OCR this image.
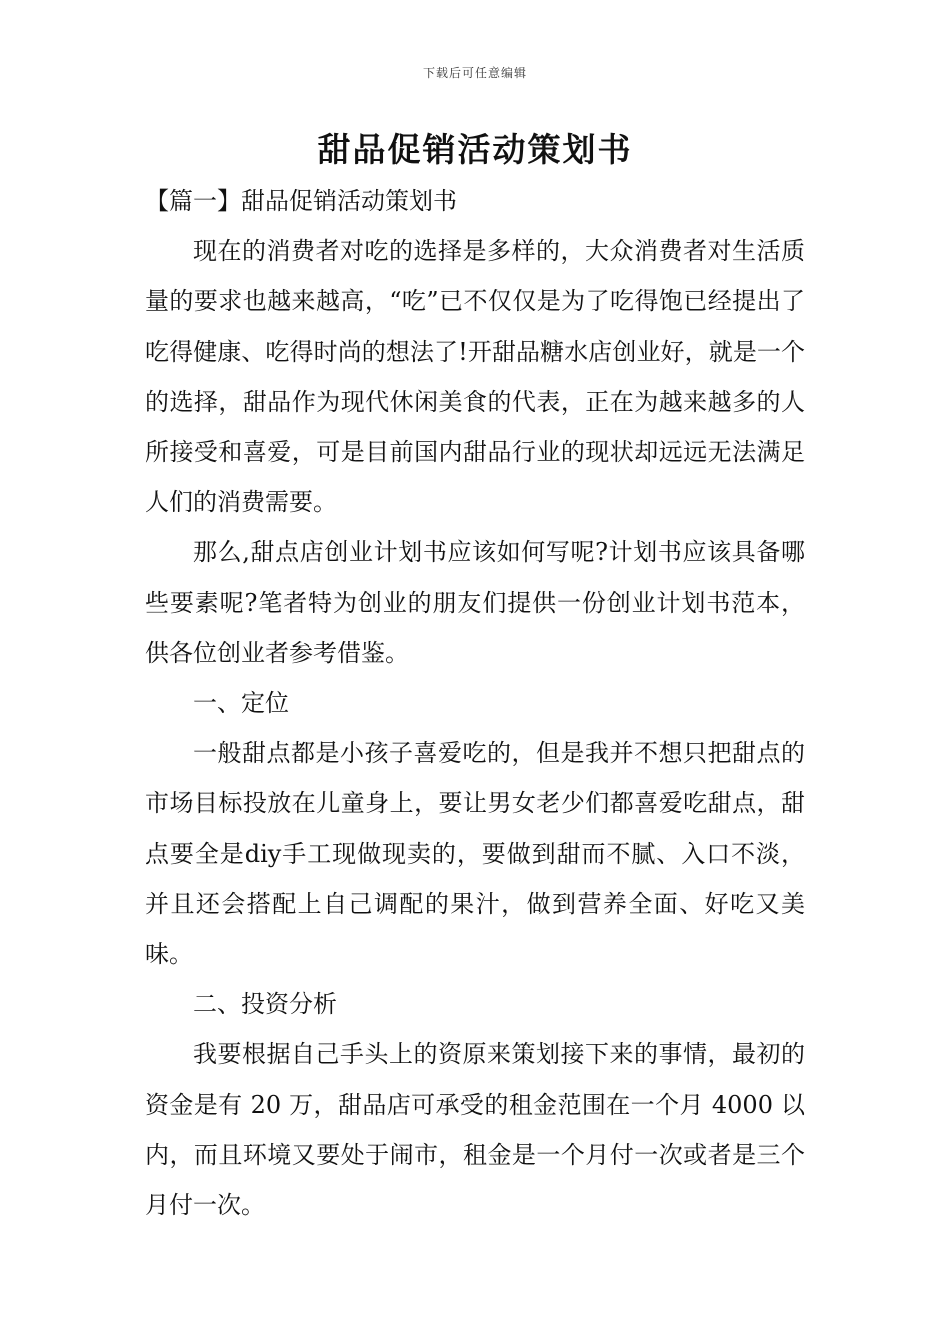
下载后可任意编辑
甜品促销活动策划书

【篇一】甜品促销活动策划书

现在的消费者对吃的选择是多样的，大众消费者对生活质量的要求也越来越高，“吃”已不仅仅是为了吃得饱已经提出了吃得健康、吃得时尚的想法了!开甜品糖水店创业好，就是一个的选择，甜品作为现代休闲美食的代表，正在为越来越多的人所接受和喜爱，可是目前国内甜品行业的现状却远远无法满足人们的消费需要。

那么,甜点店创业计划书应该如何写呢?计划书应该具备哪些要素呢?笔者特为创业的朋友们提供一份创业计划书范本，供各位创业者参考借鉴。

一、定位

一般甜点都是小孩子喜爱吃的，但是我并不想只把甜点的市场目标投放在儿童身上，要让男女老少们都喜爱吃甜点，甜点要全是diy手工现做现卖的，要做到甜而不腻、入口不淡，并且还会搭配上自己调配的果汁，做到营养全面、好吃又美味。

二、投资分析

我要根据自己手头上的资原来策划接下来的事情，最初的资金是有 20 万，甜品店可承受的租金范围在一个月 4000 以内，而且环境又要处于闹市，租金是一个月付一次或者是三个月付一次。
